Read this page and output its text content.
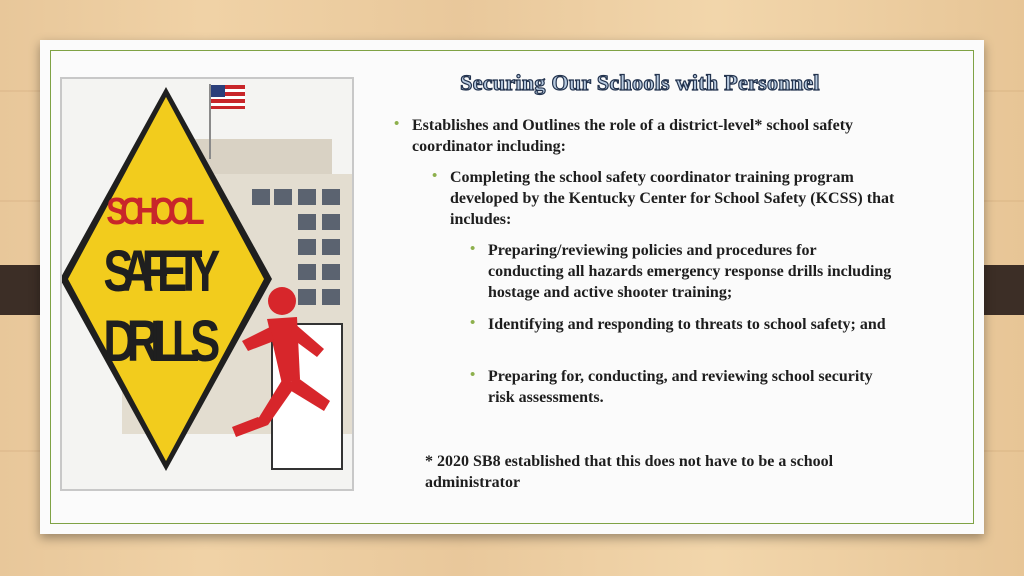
SCHOOL
SAFETY
DRILLS
Securing Our Schools with Personnel
• Establishes and Outlines the role of a district-level* school safety coordinator including:
• Completing the school safety coordinator training program developed by the Kentucky Center for School Safety (KCSS) that includes:
• Preparing/reviewing policies and procedures for conducting all hazards emergency response drills including hostage and active shooter training;
• Identifying and responding to threats to school safety; and
• Preparing for, conducting, and reviewing school security risk assessments.
* 2020 SB8 established that this does not have to be a school administrator
